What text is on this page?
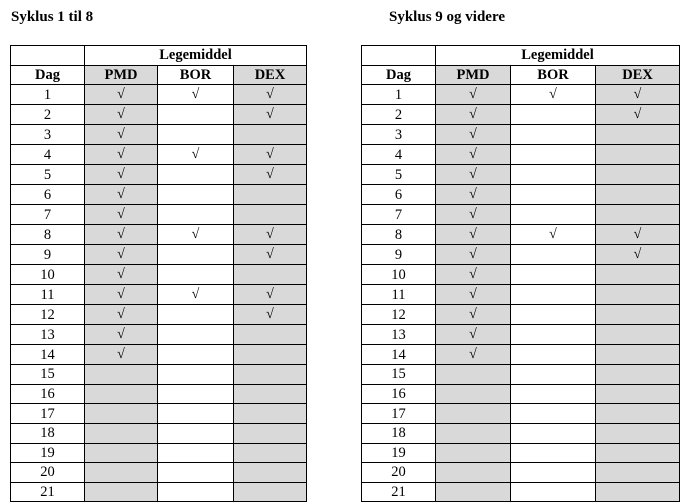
Syklus 1 til 8	Syklus 9 og videre
	Legemiddel		
Dag	PMD	BOR	DEX
1	√	√	√
2	√		√
3	√		
4	√	√	√
5	√		√
6	√		
7	√		
8	√	√	√
9	√		√
10	√		
11	√	√	√
12	√		√
13	√		
14	√		
15			
16			
17			
18			
19			
20			
21			
	Legemiddel		
Dag	PMD	BOR	DEX
1	√	√	√
2	√		√
3	√		
4	√		
5	√		
6	√		
7	√		
8	√	√	√
9	√		√
10	√		
11	√		
12	√		
13	√		
14	√		
15			
16			
17			
18			
19			
20			
21			
